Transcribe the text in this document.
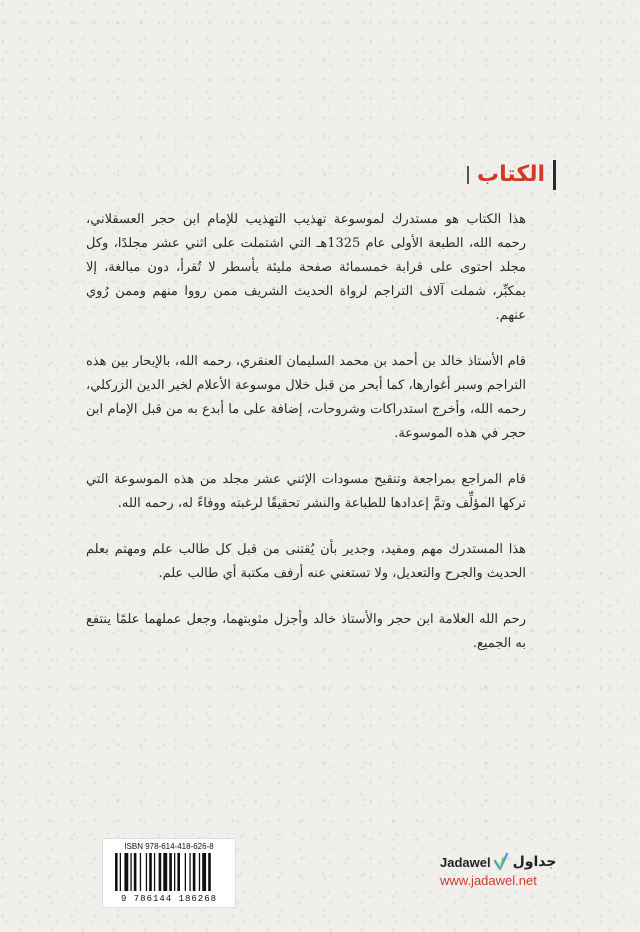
الكتاب

هذا الكتاب هو مستدرك لموسوعة تهذيب التهذيب للإمام ابن حجر العسقلاني، رحمه الله، الطبعة الأولى عام 1325هـ التي اشتملت على اثني عشر مجلدًا، وكل مجلد احتوى على قرابة خمسمائة صفحة مليئة بأسطر لا تُقرأ، دون مبالغة، إلا بمكبِّر، شملت آلاف التراجم لرواة الحديث الشريف ممن رووا منهم وممن رُوي عنهم.

قام الأستاذ خالد بن أحمد بن محمد السليمان العنقري، رحمه الله، بالإبحار بين هذه التراجم وسبر أغوارها، كما أبحر من قبل خلال موسوعة الأعلام لخير الدين الزركلي، رحمه الله، وأخرج استدراكات وشروحات، إضافة على ما أبدع به من قبل الإمام ابن حجر في هذه الموسوعة.

قام المراجع بمراجعة وتنقيح مسودات الإثني عشر مجلد من هذه الموسوعة التي تركها المؤلِّف وتمَّ إعدادها للطباعة والنشر تحقيقًا لرغبته ووفاءً له، رحمه الله.

هذا المستدرك مهم ومفيد، وجدير بأن يُقتنى من قبل كل طالب علم ومهتم بعلم الحديث والجرح والتعديل، ولا تستغني عنه أرفف مكتبة أي طالب علم.

رحم الله العلامة ابن حجر والأستاذ خالد وأجزل مثوبتهما، وجعل عملهما علمًا ينتفع به الجميع.

ISBN 978-614-418-626-8
9 786144 186268
Jadawel جداول
www.jadawel.net
